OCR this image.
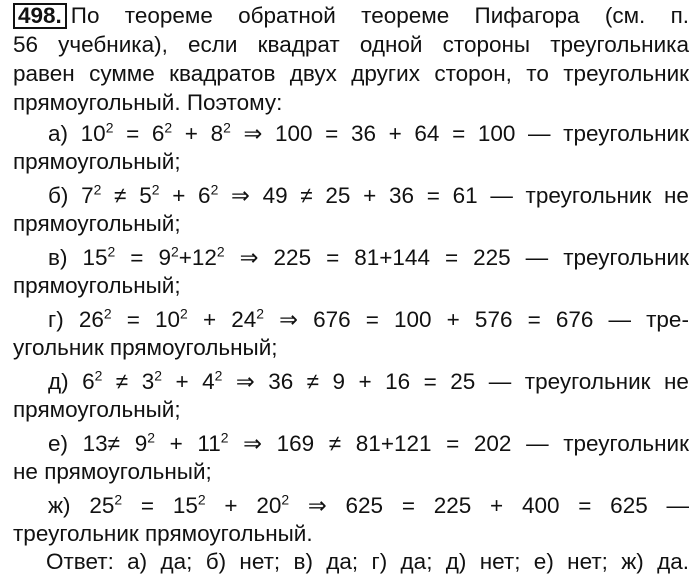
498. По теореме обратной теореме Пифагора (см. п.
56 учебника), если квадрат одной стороны треугольника
равен сумме квадратов двух других сторон, то треугольник
прямоугольный. Поэтому:
а) $10^2 = 6^2 + 8^2$ ⇒ 100 = 36 + 64 = 100 — треугольник
прямоугольный;
б) $7^2 \ne 5^2 + 6^2$ ⇒ 49 ≠ 25 + 36 = 61 — треугольник не
прямоугольный;
в) $15^2 = 9^2+12^2$ ⇒ 225 = 81+144 = 225 — треугольник
прямоугольный;
г) $26^2 = 10^2 + 24^2$ ⇒ 676 = 100 + 576 = 676 — тре-
угольник прямоугольный;
д) $6^2 \ne 3^2 + 4^2$ ⇒ 36 ≠ 9 + 16 = 25 — треугольник не
прямоугольный;
е) $13\ne 9^2 + 11^2$ ⇒ 169 ≠ 81+121 = 202 — треугольник
не прямоугольный;
ж) $25^2 = 15^2 + 20^2$ ⇒ 625 = 225 + 400 = 625 —
треугольник прямоугольный.
Ответ: а) да; б) нет; в) да; г) да; д) нет; е) нет; ж) да.
